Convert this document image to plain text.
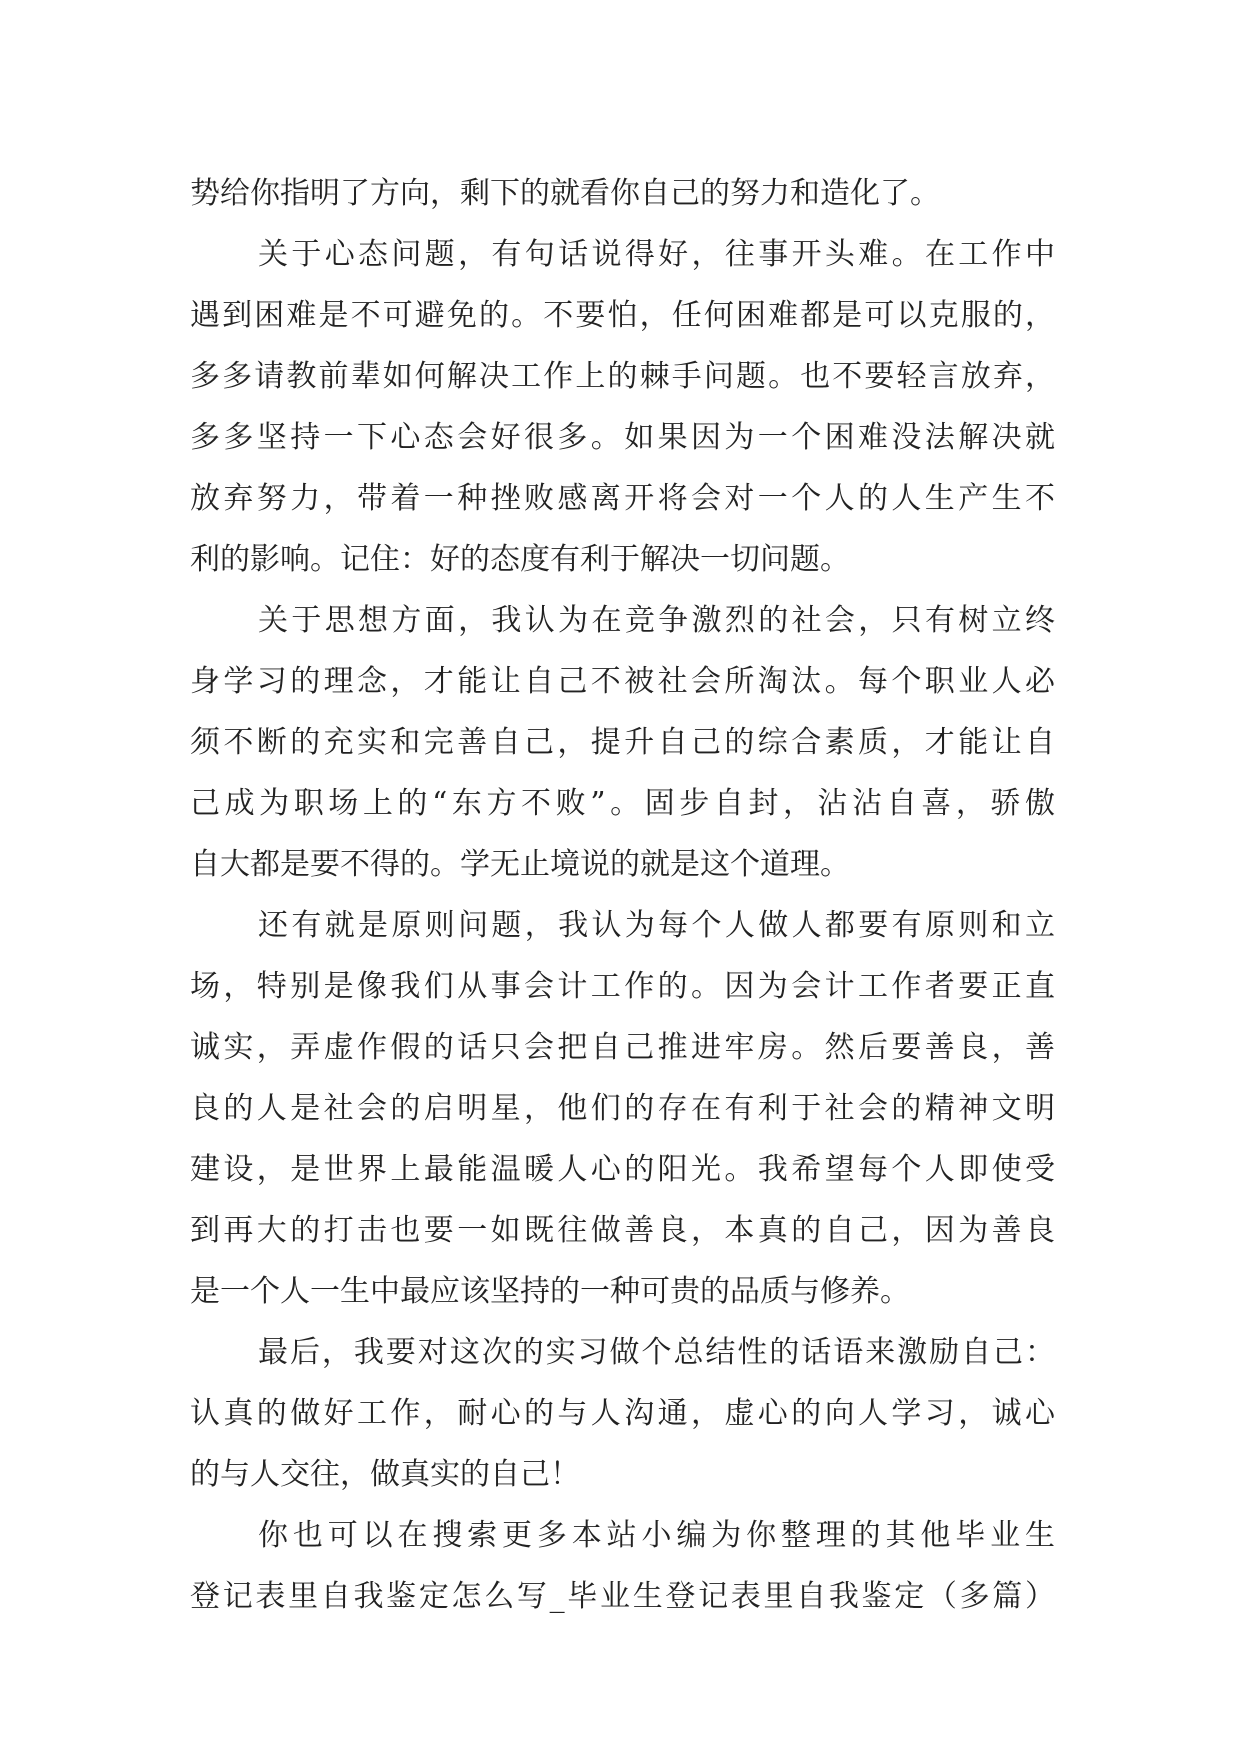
势给你指明了方向，剩下的就看你自己的努力和造化了。
关于心态问题，有句话说得好，往事开头难。在工作中
遇到困难是不可避免的。不要怕，任何困难都是可以克服的，
多多请教前辈如何解决工作上的棘手问题。也不要轻言放弃，
多多坚持一下心态会好很多。如果因为一个困难没法解决就
放弃努力，带着一种挫败感离开将会对一个人的人生产生不
利的影响。记住：好的态度有利于解决一切问题。
关于思想方面，我认为在竞争激烈的社会，只有树立终
身学习的理念，才能让自己不被社会所淘汰。每个职业人必
须不断的充实和完善自己，提升自己的综合素质，才能让自
己成为职场上的“东方不败”。固步自封，沾沾自喜，骄傲
自大都是要不得的。学无止境说的就是这个道理。
还有就是原则问题，我认为每个人做人都要有原则和立
场，特别是像我们从事会计工作的。因为会计工作者要正直
诚实，弄虚作假的话只会把自己推进牢房。然后要善良，善
良的人是社会的启明星，他们的存在有利于社会的精神文明
建设，是世界上最能温暖人心的阳光。我希望每个人即使受
到再大的打击也要一如既往做善良，本真的自己，因为善良
是一个人一生中最应该坚持的一种可贵的品质与修养。
最后，我要对这次的实习做个总结性的话语来激励自己：
认真的做好工作，耐心的与人沟通，虚心的向人学习，诚心
的与人交往，做真实的自己！
你也可以在搜索更多本站小编为你整理的其他毕业生
登记表里自我鉴定怎么写_毕业生登记表里自我鉴定（多篇）
